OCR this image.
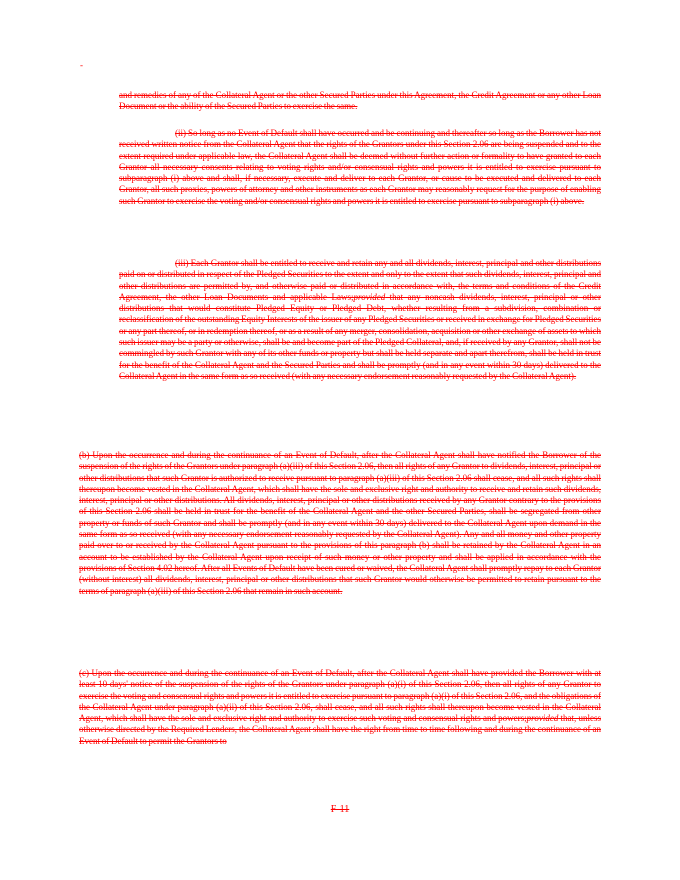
-

and remedies of any of the Collateral Agent or the other Secured Parties under this Agreement, the Credit Agreement or any other Loan Document or the ability of the Secured Parties to exercise the same.

(ii) So long as no Event of Default shall have occurred and be continuing and thereafter so long as the Borrower has not received written notice from the Collateral Agent that the rights of the Grantors under this Section 2.06 are being suspended and to the extent required under applicable law, the Collateral Agent shall be deemed without further action or formality to have granted to each Grantor all necessary consents relating to voting rights and/or consensual rights and powers it is entitled to exercise pursuant to subparagraph (i) above and shall, if necessary, execute and deliver to each Grantor, or cause to be executed and delivered to each Grantor, all such proxies, powers of attorney and other instruments as each Grantor may reasonably request for the purpose of enabling such Grantor to exercise the voting and/or consensual rights and powers it is entitled to exercise pursuant to subparagraph (i) above.

(iii) Each Grantor shall be entitled to receive and retain any and all dividends, interest, principal and other distributions paid on or distributed in respect of the Pledged Securities to the extent and only to the extent that such dividends, interest, principal and other distributions are permitted by, and otherwise paid or distributed in accordance with, the terms and conditions of the Credit Agreement, the other Loan Documents and applicable Laws;provided that any noncash dividends, interest, principal or other distributions that would constitute Pledged Equity or Pledged Debt, whether resulting from a subdivision, combination or reclassification of the outstanding Equity Interests of the issuer of any Pledged Securities or received in exchange for Pledged Securities or any part thereof, or in redemption thereof, or as a result of any merger, consolidation, acquisition or other exchange of assets to which such issuer may be a party or otherwise, shall be and become part of the Pledged Collateral, and, if received by any Grantor, shall not be commingled by such Grantor with any of its other funds or property but shall be held separate and apart therefrom, shall be held in trust for the benefit of the Collateral Agent and the Secured Parties and shall be promptly (and in any event within 30 days) delivered to the Collateral Agent in the same form as so received (with any necessary endorsement reasonably requested by the Collateral Agent).

(b) Upon the occurrence and during the continuance of an Event of Default, after the Collateral Agent shall have notified the Borrower of the suspension of the rights of the Grantors under paragraph (a)(iii) of this Section 2.06, then all rights of any Grantor to dividends, interest, principal or other distributions that such Grantor is authorized to receive pursuant to paragraph (a)(iii) of this Section 2.06 shall cease, and all such rights shall thereupon become vested in the Collateral Agent, which shall have the sole and exclusive right and authority to receive and retain such dividends, interest, principal or other distributions. All dividends, interest, principal or other distributions received by any Grantor contrary to the provisions of this Section 2.06 shall be held in trust for the benefit of the Collateral Agent and the other Secured Parties, shall be segregated from other property or funds of such Grantor and shall be promptly (and in any event within 30 days) delivered to the Collateral Agent upon demand in the same form as so received (with any necessary endorsement reasonably requested by the Collateral Agent). Any and all money and other property paid over to or received by the Collateral Agent pursuant to the provisions of this paragraph (b) shall be retained by the Collateral Agent in an account to be established by the Collateral Agent upon receipt of such money or other property and shall be applied in accordance with the provisions of Section 4.02 hereof. After all Events of Default have been cured or waived, the Collateral Agent shall promptly repay to each Grantor (without interest) all dividends, interest, principal or other distributions that such Grantor would otherwise be permitted to retain pursuant to the terms of paragraph (a)(iii) of this Section 2.06 that remain in such account.

(c) Upon the occurrence and during the continuance of an Event of Default, after the Collateral Agent shall have provided the Borrower with at least 10 days' notice of the suspension of the rights of the Grantors under paragraph (a)(i) of this Section 2.06, then all rights of any Grantor to exercise the voting and consensual rights and powers it is entitled to exercise pursuant to paragraph (a)(i) of this Section 2.06, and the obligations of the Collateral Agent under paragraph (a)(ii) of this Section 2.06, shall cease, and all such rights shall thereupon become vested in the Collateral Agent, which shall have the sole and exclusive right and authority to exercise such voting and consensual rights and powers;provided that, unless otherwise directed by the Required Lenders, the Collateral Agent shall have the right from time to time following and during the continuance of an Event of Default to permit the Grantors to

F-11
